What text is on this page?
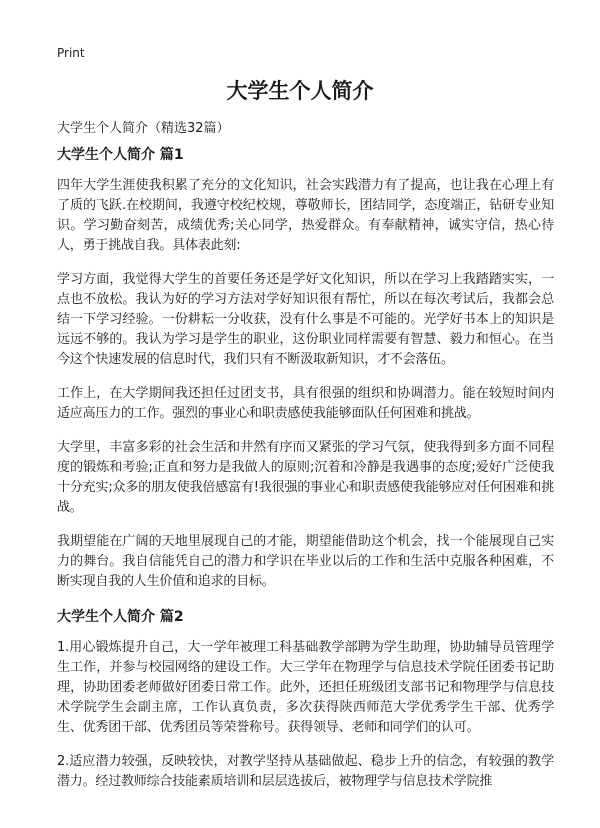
Print
大学生个人简介

大学生个人简介（精选32篇）

大学生个人简介 篇1

四年大学生涯使我积累了充分的文化知识，社会实践潜力有了提高，也让我在心理上有了质的飞跃.在校期间，我遵守校纪校规，尊敬师长，团结同学，态度端正，钻研专业知识。学习勤奋刻苦，成绩优秀;关心同学，热爱群众。有奉献精神，诚实守信，热心待人，勇于挑战自我。具体表此刻:

学习方面，我觉得大学生的首要任务还是学好文化知识，所以在学习上我踏踏实实，一点也不放松。我认为好的学习方法对学好知识很有帮忙，所以在每次考试后，我都会总结一下学习经验。一份耕耘一分收获，没有什么事是不可能的。光学好书本上的知识是远远不够的。我认为学习是学生的职业，这份职业同样需要有智慧、毅力和恒心。在当今这个快速发展的信息时代，我们只有不断汲取新知识，才不会落伍。

工作上，在大学期间我还担任过团支书，具有很强的组织和协调潜力。能在较短时间内适应高压力的工作。强烈的事业心和职责感使我能够面队任何困难和挑战。

大学里，丰富多彩的社会生活和井然有序而又紧张的学习气氛，使我得到多方面不同程度的锻炼和考验;正直和努力是我做人的原则;沉着和冷静是我遇事的态度;爱好广泛使我十分充实;众多的朋友使我倍感富有!我很强的事业心和职责感使我能够应对任何困难和挑战。

我期望能在广阔的天地里展现自己的才能，期望能借助这个机会，找一个能展现自己实力的舞台。我自信能凭自己的潜力和学识在毕业以后的工作和生活中克服各种困难，不断实现自我的人生价值和追求的目标。

大学生个人简介 篇2

1.用心锻炼提升自己，大一学年被理工科基础教学部聘为学生助理，协助辅导员管理学生工作，并参与校园网络的建设工作。大三学年在物理学与信息技术学院任团委书记助理，协助团委老师做好团委日常工作。此外，还担任班级团支部书记和物理学与信息技术学院学生会副主席，工作认真负责，多次获得陕西师范大学优秀学生干部、优秀学生、优秀团干部、优秀团员等荣誉称号。获得领导、老师和同学们的认可。

2.适应潜力较强，反映较快，对教学坚持从基础做起、稳步上升的信念，有较强的教学潜力。经过教师综合技能素质培训和层层选拔后，被物理学与信息技术学院推
